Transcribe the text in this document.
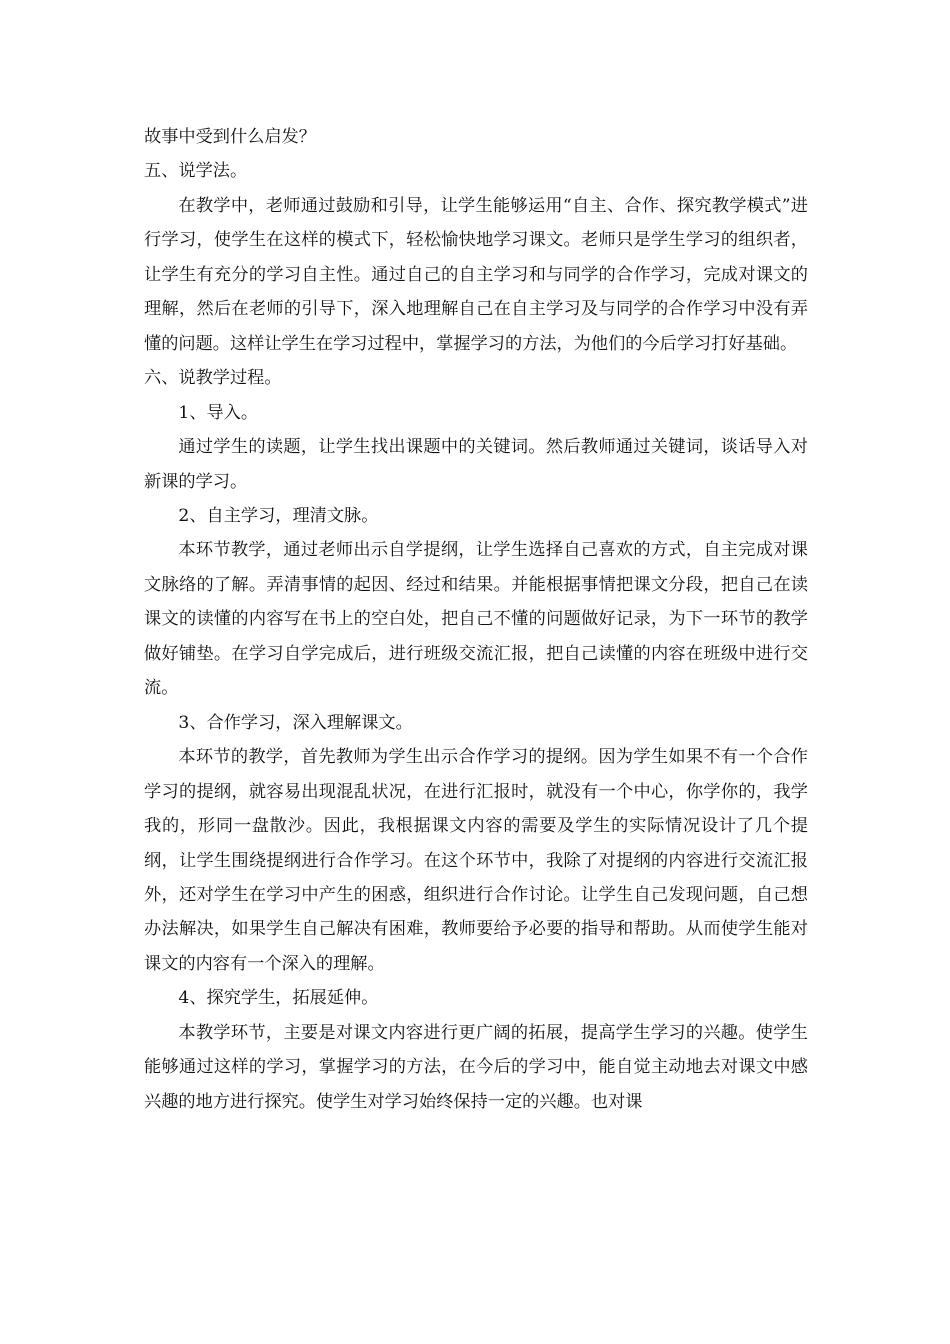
故事中受到什么启发？

五、说学法。

在教学中，老师通过鼓励和引导，让学生能够运用“自主、合作、探究教学模式”进行学习，使学生在这样的模式下，轻松愉快地学习课文。老师只是学生学习的组织者，让学生有充分的学习自主性。通过自己的自主学习和与同学的合作学习，完成对课文的理解，然后在老师的引导下，深入地理解自己在自主学习及与同学的合作学习中没有弄懂的问题。这样让学生在学习过程中，掌握学习的方法，为他们的今后学习打好基础。

六、说教学过程。

1、导入。

通过学生的读题，让学生找出课题中的关键词。然后教师通过关键词，谈话导入对新课的学习。

2、自主学习，理清文脉。

本环节教学，通过老师出示自学提纲，让学生选择自己喜欢的方式，自主完成对课文脉络的了解。弄清事情的起因、经过和结果。并能根据事情把课文分段，把自己在读课文的读懂的内容写在书上的空白处，把自己不懂的问题做好记录，为下一环节的教学做好铺垫。在学习自学完成后，进行班级交流汇报，把自己读懂的内容在班级中进行交流。

3、合作学习，深入理解课文。

本环节的教学，首先教师为学生出示合作学习的提纲。因为学生如果不有一个合作学习的提纲，就容易出现混乱状况，在进行汇报时，就没有一个中心，你学你的，我学我的，形同一盘散沙。因此，我根据课文内容的需要及学生的实际情况设计了几个提纲，让学生围绕提纲进行合作学习。在这个环节中，我除了对提纲的内容进行交流汇报外，还对学生在学习中产生的困惑，组织进行合作讨论。让学生自己发现问题，自己想办法解决，如果学生自己解决有困难，教师要给予必要的指导和帮助。从而使学生能对课文的内容有一个深入的理解。

4、探究学生，拓展延伸。

本教学环节，主要是对课文内容进行更广阔的拓展，提高学生学习的兴趣。使学生能够通过这样的学习，掌握学习的方法，在今后的学习中，能自觉主动地去对课文中感兴趣的地方进行探究。使学生对学习始终保持一定的兴趣。也对课
